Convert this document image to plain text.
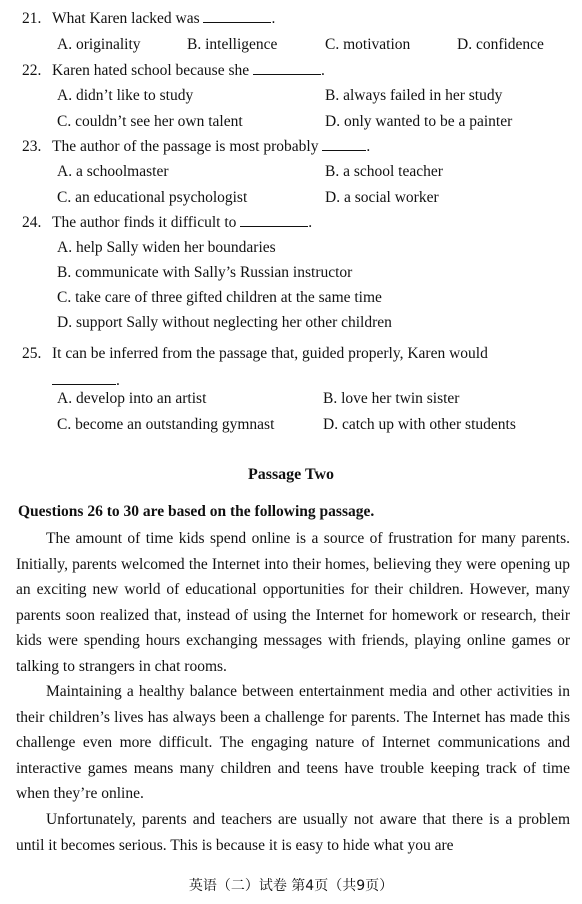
21. What Karen lacked was	.
A. originality	B. intelligence	C. motivation	D. confidence
22. Karen hated school because she	.
A. didn’t like to study	B. always failed in her study
C. couldn’t see her own talent	D. only wanted to be a painter
23. The author of the passage is most probably	.
A. a schoolmaster	B. a school teacher
C. an educational psychologist	D. a social worker
24. The author finds it difficult to	.
A. help Sally widen her boundaries
B. communicate with Sally’s Russian instructor
C. take care of three gifted children at the same time
D. support Sally without neglecting her other children
25. It can be inferred from the passage that, guided properly, Karen would
.
A. develop into an artist	B. love her twin sister
C. become an outstanding gymnast	D. catch up with other students
Passage Two
Questions 26 to 30 are based on the following passage.
The amount of time kids spend online is a source of frustration for many parents. Initially, parents welcomed the Internet into their homes, believing they were opening up an exciting new world of educational opportunities for their children. However, many parents soon realized that, instead of using the Internet for homework or research, their kids were spending hours exchanging messages with friends, playing online games or talking to strangers in chat rooms.
Maintaining a healthy balance between entertainment media and other activities in their children’s lives has always been a challenge for parents. The Internet has made this challenge even more difficult. The engaging nature of Internet communications and interactive games means many children and teens have trouble keeping track of time when they’re online.
Unfortunately, parents and teachers are usually not aware that there is a problem until it becomes serious. This is because it is easy to hide what you are
英语（二）试卷 第4页（共9页）
